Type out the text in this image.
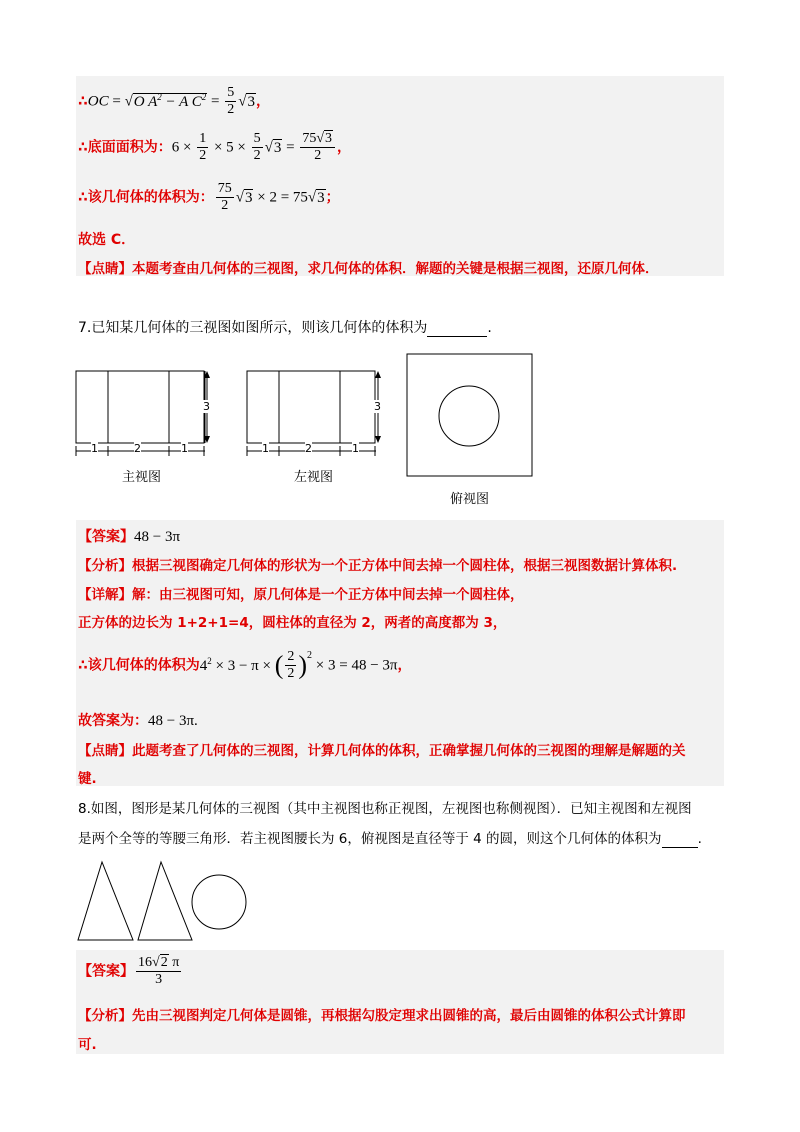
∴OC = √O $A^2 - A$ $C^2 = \frac{5}{2} √3$，
∴底面面积为：$6 \times \frac{1}{2} \times 5 \times \frac{5}{2} √3 = \frac{75√3}{2}$ ，
∴该几何体的体积为： $\frac{75}{2} √3 \times 2 = 75√3$；
故选 C．
【点睛】本题考查由几何体的三视图，求几何体的体积．解题的关键是根据三视图，还原几何体．
7.已知某几何体的三视图如图所示，则该几何体的体积为	.
1	2	1
3
主视图
1	2	1
3
左视图
俯视图
【答案】48 − 3π
【分析】根据三视图确定几何体的形状为一个正方体中间去掉一个圆柱体，根据三视图数据计算体积.
【详解】解：由三视图可知，原几何体是一个正方体中间去掉一个圆柱体，
正方体的边长为 1+2+1=4，圆柱体的直径为 2，两者的高度都为 3，
∴该几何体的体积为$4^2 \times 3 - \pi$ × ( $\frac{2}{2} )^2 \times 3 = 48 - 3\pi$，
故答案为：48 − 3π.
【点睛】此题考查了几何体的三视图，计算几何体的体积，正确掌握几何体的三视图的理解是解题的关
键.
8.如图，图形是某几何体的三视图（其中主视图也称正视图，左视图也称侧视图）．已知主视图和左视图
是两个全等的等腰三角形．若主视图腰长为 6，俯视图是直径等于 4 的圆，则这个几何体的体积为	.
【答案】 $\frac{16√2 \pi}{3}$
【分析】先由三视图判定几何体是圆锥，再根据勾股定理求出圆锥的高，最后由圆锥的体积公式计算即
可.
